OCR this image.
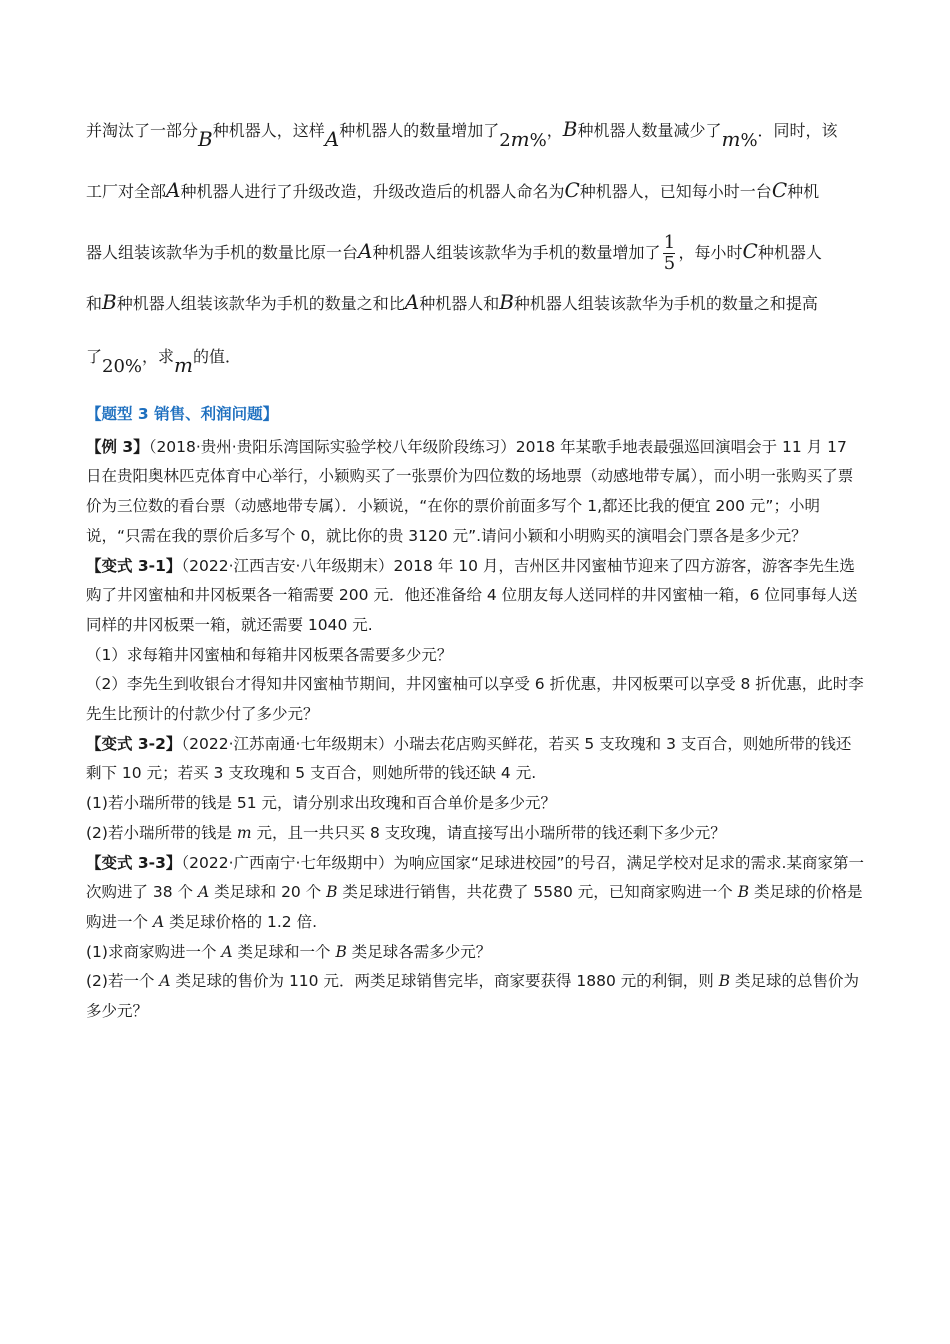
并淘汰了一部分B种机器人，这样A种机器人的数量增加了2m%，B种机器人数量减少了m%．同时，该
工厂对全部A种机器人进行了升级改造，升级改造后的机器人命名为C种机器人，已知每小时一台C种机
器人组装该款华为手机的数量比原一台A种机器人组装该款华为手机的数量增加了 $\frac{1}{5}$ ，每小时C种机器人
和B种机器人组装该款华为手机的数量之和比A种机器人和B种机器人组装该款华为手机的数量之和提高
了20%，求m的值．

【题型 3 销售、利润问题】

【例 3】（2018·贵州·贵阳乐湾国际实验学校八年级阶段练习）2018 年某歌手地表最强巡回演唱会于 11 月 17 日在贵阳奥林匹克体育中心举行，小颖购买了一张票价为四位数的场地票（动感地带专属），而小明一张购买了票价为三位数的看台票（动感地带专属）．小颖说，“在你的票价前面多写个 1,都还比我的便宜 200 元”；小明说，“只需在我的票价后多写个 0，就比你的贵 3120 元”.请问小颖和小明购买的演唱会门票各是多少元？

【变式 3-1】（2022·江西吉安·八年级期末）2018 年 10 月，吉州区井冈蜜柚节迎来了四方游客，游客李先生选购了井冈蜜柚和井冈板栗各一箱需要 200 元．他还准备给 4 位朋友每人送同样的井冈蜜柚一箱，6 位同事每人送同样的井冈板栗一箱，就还需要 1040 元.

（1）求每箱井冈蜜柚和每箱井冈板栗各需要多少元？

（2）李先生到收银台才得知井冈蜜柚节期间，井冈蜜柚可以享受 6 折优惠，井冈板栗可以享受 8 折优惠，此时李先生比预计的付款少付了多少元？

【变式 3-2】（2022·江苏南通·七年级期末）小瑞去花店购买鲜花，若买 5 支玫瑰和 3 支百合，则她所带的钱还剩下 10 元；若买 3 支玫瑰和 5 支百合，则她所带的钱还缺 4 元.

(1)若小瑞所带的钱是 51 元，请分别求出玫瑰和百合单价是多少元？

(2)若小瑞所带的钱是 m 元，且一共只买 8 支玫瑰，请直接写出小瑞所带的钱还剩下多少元？

【变式 3-3】（2022·广西南宁·七年级期中）为响应国家“足球进校园”的号召，满足学校对足求的需求.某商家第一次购进了 38 个 A 类足球和 20 个 B 类足球进行销售，共花费了 5580 元，已知商家购进一个 B 类足球的价格是购进一个 A 类足球价格的 1.2 倍.

(1)求商家购进一个 A 类足球和一个 B 类足球各需多少元？

(2)若一个 A 类足球的售价为 110 元．两类足球销售完毕，商家要获得 1880 元的利铜，则 B 类足球的总售价为多少元？
